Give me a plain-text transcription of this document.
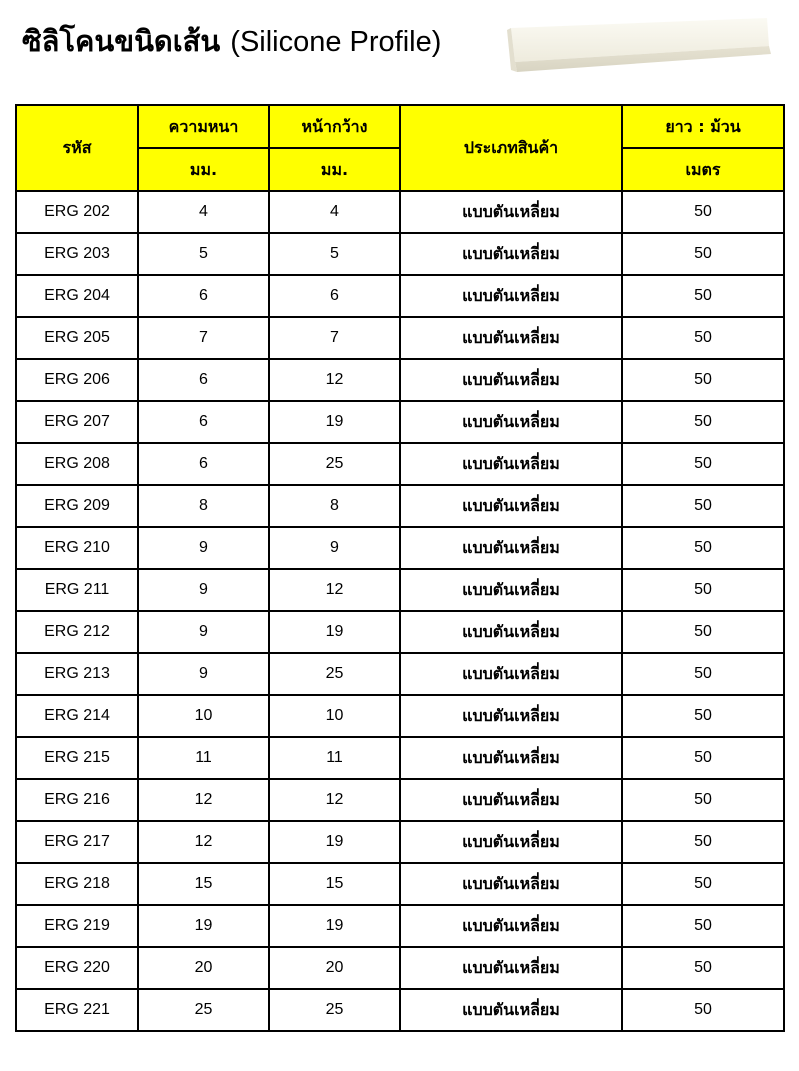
ซิลิโคนขนิดเส้น (Silicone Profile)
รหัส	ความหนา	หน้ากว้าง	ประเภทสินค้า	ยาว : ม้วน
	มม.	มม.		เมตร
ERG 202	4	4	แบบตันเหลี่ยม	50
ERG 203	5	5	แบบตันเหลี่ยม	50
ERG 204	6	6	แบบตันเหลี่ยม	50
ERG 205	7	7	แบบตันเหลี่ยม	50
ERG 206	6	12	แบบตันเหลี่ยม	50
ERG 207	6	19	แบบตันเหลี่ยม	50
ERG 208	6	25	แบบตันเหลี่ยม	50
ERG 209	8	8	แบบตันเหลี่ยม	50
ERG 210	9	9	แบบตันเหลี่ยม	50
ERG 211	9	12	แบบตันเหลี่ยม	50
ERG 212	9	19	แบบตันเหลี่ยม	50
ERG 213	9	25	แบบตันเหลี่ยม	50
ERG 214	10	10	แบบตันเหลี่ยม	50
ERG 215	11	11	แบบตันเหลี่ยม	50
ERG 216	12	12	แบบตันเหลี่ยม	50
ERG 217	12	19	แบบตันเหลี่ยม	50
ERG 218	15	15	แบบตันเหลี่ยม	50
ERG 219	19	19	แบบตันเหลี่ยม	50
ERG 220	20	20	แบบตันเหลี่ยม	50
ERG 221	25	25	แบบตันเหลี่ยม	50
